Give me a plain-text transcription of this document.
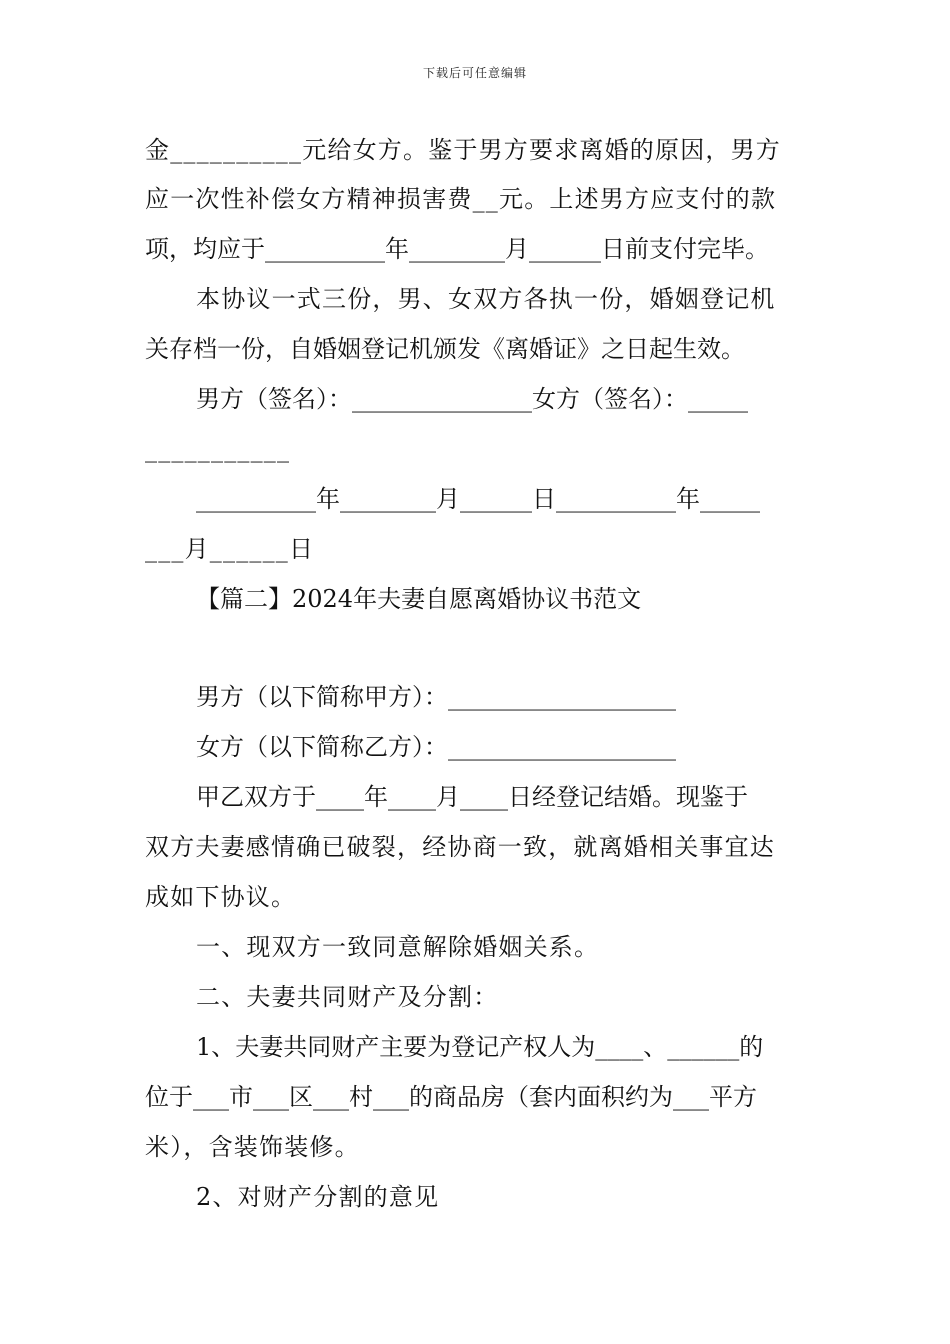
下载后可任意编辑
金__________元给女方。鉴于男方要求离婚的原因，男方
应一次性补偿女方精神损害费__元。上述男方应支付的款
项，均应于__________年________月______日前支付完毕。
本协议一式三份，男、女双方各执一份，婚姻登记机
关存档一份，自婚姻登记机颁发《离婚证》之日起生效。
男方（签名）：_______________女方（签名）：_____
___________
__________年________月______日__________年_____
___月______日
【篇二】2024年夫妻自愿离婚协议书范文
男方（以下简称甲方）：___________________
女方（以下简称乙方）：___________________
甲乙双方于____年____月____日经登记结婚。现鉴于
双方夫妻感情确已破裂，经协商一致，就离婚相关事宜达
成如下协议。
一、现双方一致同意解除婚姻关系。
二、夫妻共同财产及分割：
1、夫妻共同财产主要为登记产权人为____、______的
位于___市___区___村___的商品房（套内面积约为___平方
米），含装饰装修。
2、对财产分割的意见
